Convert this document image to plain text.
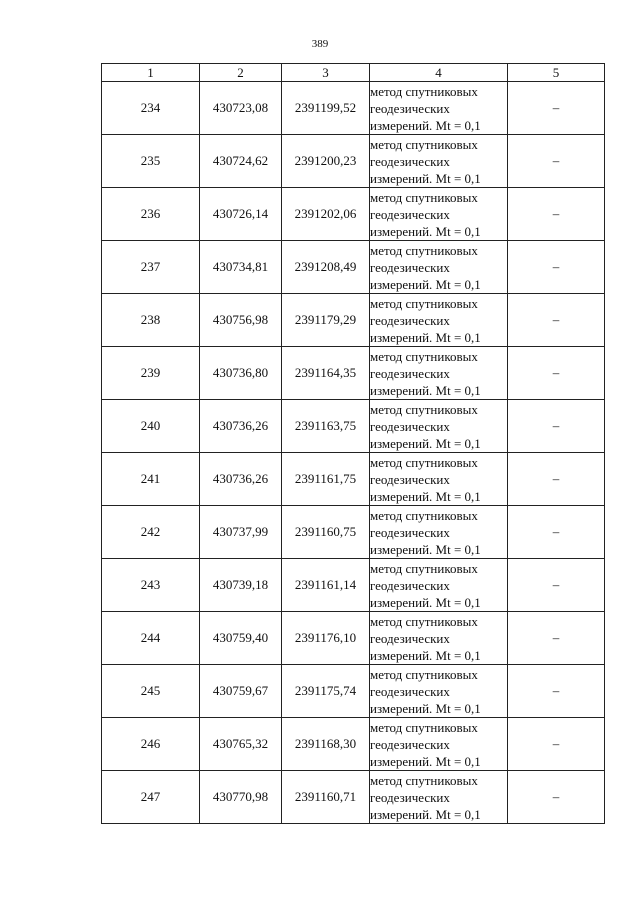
389
1	2	3	4	5
234	430723,08	2391199,52	метод спутниковых
геодезических
измерений. Mt = 0,1	–
235	430724,62	2391200,23	метод спутниковых
геодезических
измерений. Mt = 0,1	–
236	430726,14	2391202,06	метод спутниковых
геодезических
измерений. Mt = 0,1	–
237	430734,81	2391208,49	метод спутниковых
геодезических
измерений. Mt = 0,1	–
238	430756,98	2391179,29	метод спутниковых
геодезических
измерений. Mt = 0,1	–
239	430736,80	2391164,35	метод спутниковых
геодезических
измерений. Mt = 0,1	–
240	430736,26	2391163,75	метод спутниковых
геодезических
измерений. Mt = 0,1	–
241	430736,26	2391161,75	метод спутниковых
геодезических
измерений. Mt = 0,1	–
242	430737,99	2391160,75	метод спутниковых
геодезических
измерений. Mt = 0,1	–
243	430739,18	2391161,14	метод спутниковых
геодезических
измерений. Mt = 0,1	–
244	430759,40	2391176,10	метод спутниковых
геодезических
измерений. Mt = 0,1	–
245	430759,67	2391175,74	метод спутниковых
геодезических
измерений. Mt = 0,1	–
246	430765,32	2391168,30	метод спутниковых
геодезических
измерений. Mt = 0,1	–
247	430770,98	2391160,71	метод спутниковых
геодезических
измерений. Mt = 0,1	–
